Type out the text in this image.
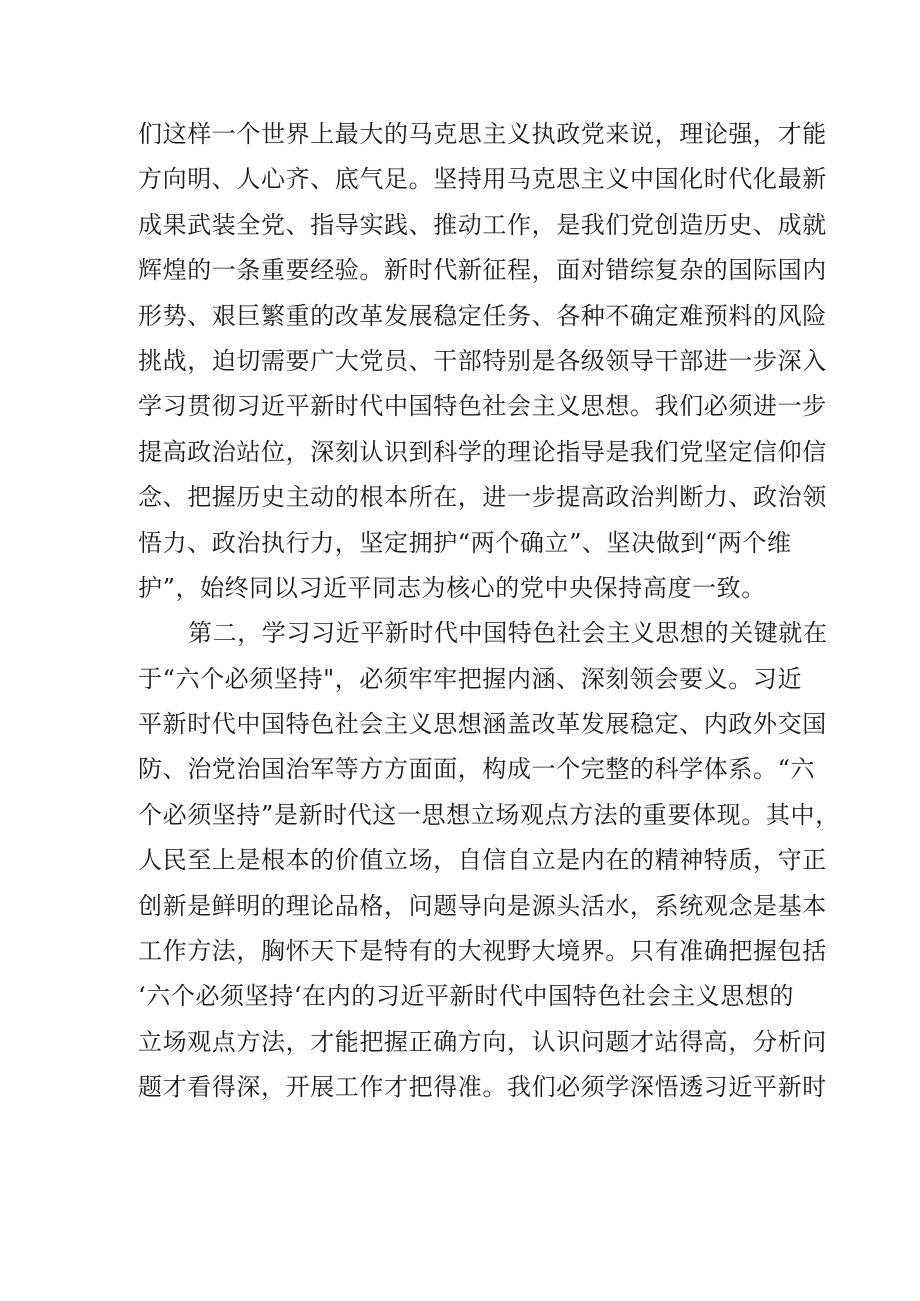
们这样一个世界上最大的马克思主义执政党来说，理论强，才能
方向明、人心齐、底气足。坚持用马克思主义中国化时代化最新
成果武装全党、指导实践、推动工作，是我们党创造历史、成就
辉煌的一条重要经验。新时代新征程，面对错综复杂的国际国内
形势、艰巨繁重的改革发展稳定任务、各种不确定难预料的风险
挑战，迫切需要广大党员、干部特别是各级领导干部进一步深入
学习贯彻习近平新时代中国特色社会主义思想。我们必须进一步
提高政治站位，深刻认识到科学的理论指导是我们党坚定信仰信
念、把握历史主动的根本所在，进一步提高政治判断力、政治领
悟力、政治执行力，坚定拥护“两个确立”、坚决做到“两个维
护”，始终同以习近平同志为核心的党中央保持高度一致。
第二，学习习近平新时代中国特色社会主义思想的关键就在
于“六个必须坚持"，必须牢牢把握内涵、深刻领会要义。习近
平新时代中国特色社会主义思想涵盖改革发展稳定、内政外交国
防、治党治国治军等方方面面，构成一个完整的科学体系。“六
个必须坚持”是新时代这一思想立场观点方法的重要体现。其中，
人民至上是根本的价值立场，自信自立是内在的精神特质，守正
创新是鲜明的理论品格，问题导向是源头活水，系统观念是基本
工作方法，胸怀天下是特有的大视野大境界。只有准确把握包括
‘六个必须坚持‘在内的习近平新时代中国特色社会主义思想的
立场观点方法，才能把握正确方向，认识问题才站得高，分析问
题才看得深，开展工作才把得准。我们必须学深悟透习近平新时
